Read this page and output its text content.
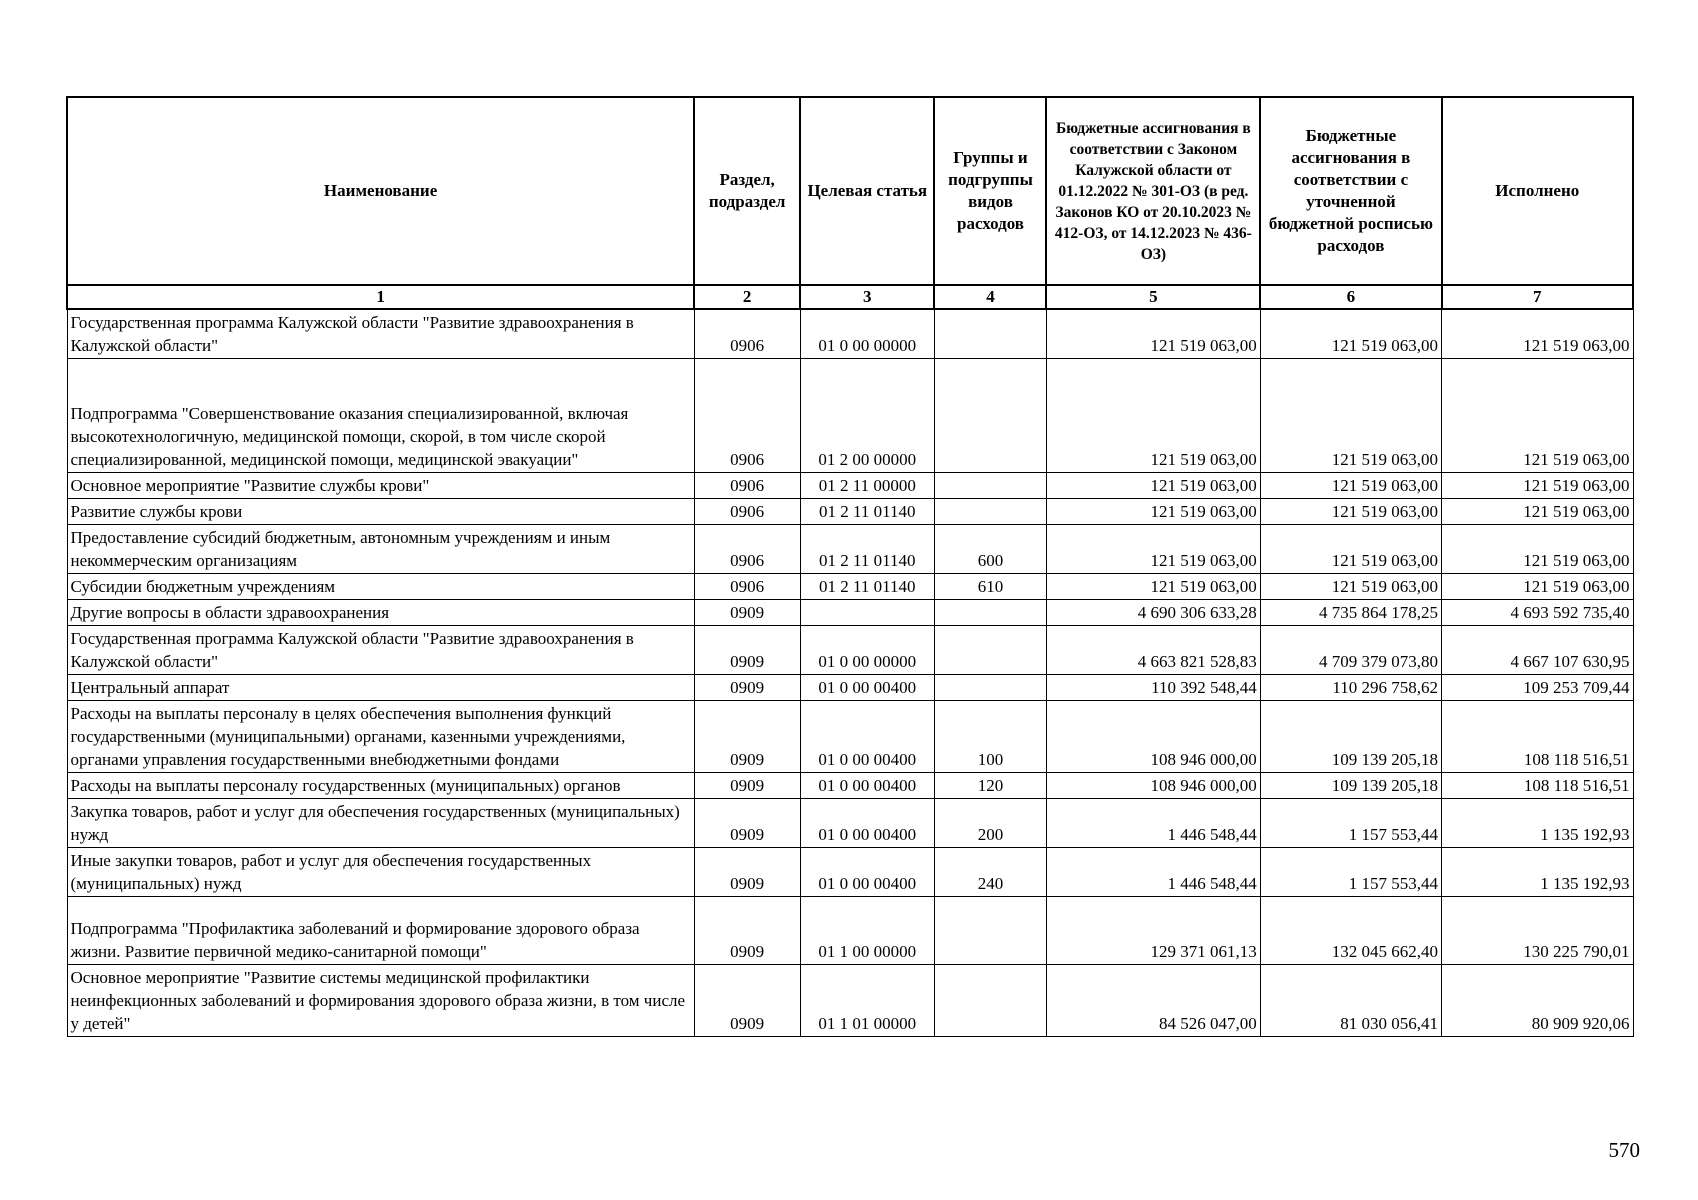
Наименование	Раздел, подраздел	Целевая статья	Группы и подгруппы видов расходов	Бюджетные ассигнования в соответствии с Законом Калужской области от 01.12.2022 № 301-ОЗ (в ред. Законов КО от 20.10.2023 № 412-ОЗ, от 14.12.2023 № 436-ОЗ)	Бюджетные ассигнования в соответствии с уточненной бюджетной росписью расходов	Исполнено
1	2	3	4	5	6	7
Государственная программа Калужской области "Развитие здравоохранения в Калужской области"	0906	01 0 00 00000		121 519 063,00	121 519 063,00	121 519 063,00
Подпрограмма "Совершенствование оказания специализированной, включая высокотехнологичную, медицинской помощи, скорой, в том числе скорой специализированной, медицинской помощи, медицинской эвакуации"	0906	01 2 00 00000		121 519 063,00	121 519 063,00	121 519 063,00
Основное мероприятие "Развитие службы крови"	0906	01 2 11 00000		121 519 063,00	121 519 063,00	121 519 063,00
Развитие службы крови	0906	01 2 11 01140		121 519 063,00	121 519 063,00	121 519 063,00
Предоставление субсидий бюджетным, автономным учреждениям и иным некоммерческим организациям	0906	01 2 11 01140	600	121 519 063,00	121 519 063,00	121 519 063,00
Субсидии бюджетным учреждениям	0906	01 2 11 01140	610	121 519 063,00	121 519 063,00	121 519 063,00
Другие вопросы в области здравоохранения	0909			4 690 306 633,28	4 735 864 178,25	4 693 592 735,40
Государственная программа Калужской области "Развитие здравоохранения в Калужской области"	0909	01 0 00 00000		4 663 821 528,83	4 709 379 073,80	4 667 107 630,95
Центральный аппарат	0909	01 0 00 00400		110 392 548,44	110 296 758,62	109 253 709,44
Расходы на выплаты персоналу в целях обеспечения выполнения функций государственными (муниципальными) органами, казенными учреждениями, органами управления государственными внебюджетными фондами	0909	01 0 00 00400	100	108 946 000,00	109 139 205,18	108 118 516,51
Расходы на выплаты персоналу государственных (муниципальных) органов	0909	01 0 00 00400	120	108 946 000,00	109 139 205,18	108 118 516,51
Закупка товаров, работ и услуг для обеспечения государственных (муниципальных) нужд	0909	01 0 00 00400	200	1 446 548,44	1 157 553,44	1 135 192,93
Иные закупки товаров, работ и услуг для обеспечения государственных (муниципальных) нужд	0909	01 0 00 00400	240	1 446 548,44	1 157 553,44	1 135 192,93
Подпрограмма "Профилактика заболеваний и формирование здорового образа жизни. Развитие первичной медико-санитарной помощи"	0909	01 1 00 00000		129 371 061,13	132 045 662,40	130 225 790,01
Основное мероприятие "Развитие системы медицинской профилактики неинфекционных заболеваний и формирования здорового образа жизни, в том числе у детей"	0909	01 1 01 00000		84 526 047,00	81 030 056,41	80 909 920,06
570
